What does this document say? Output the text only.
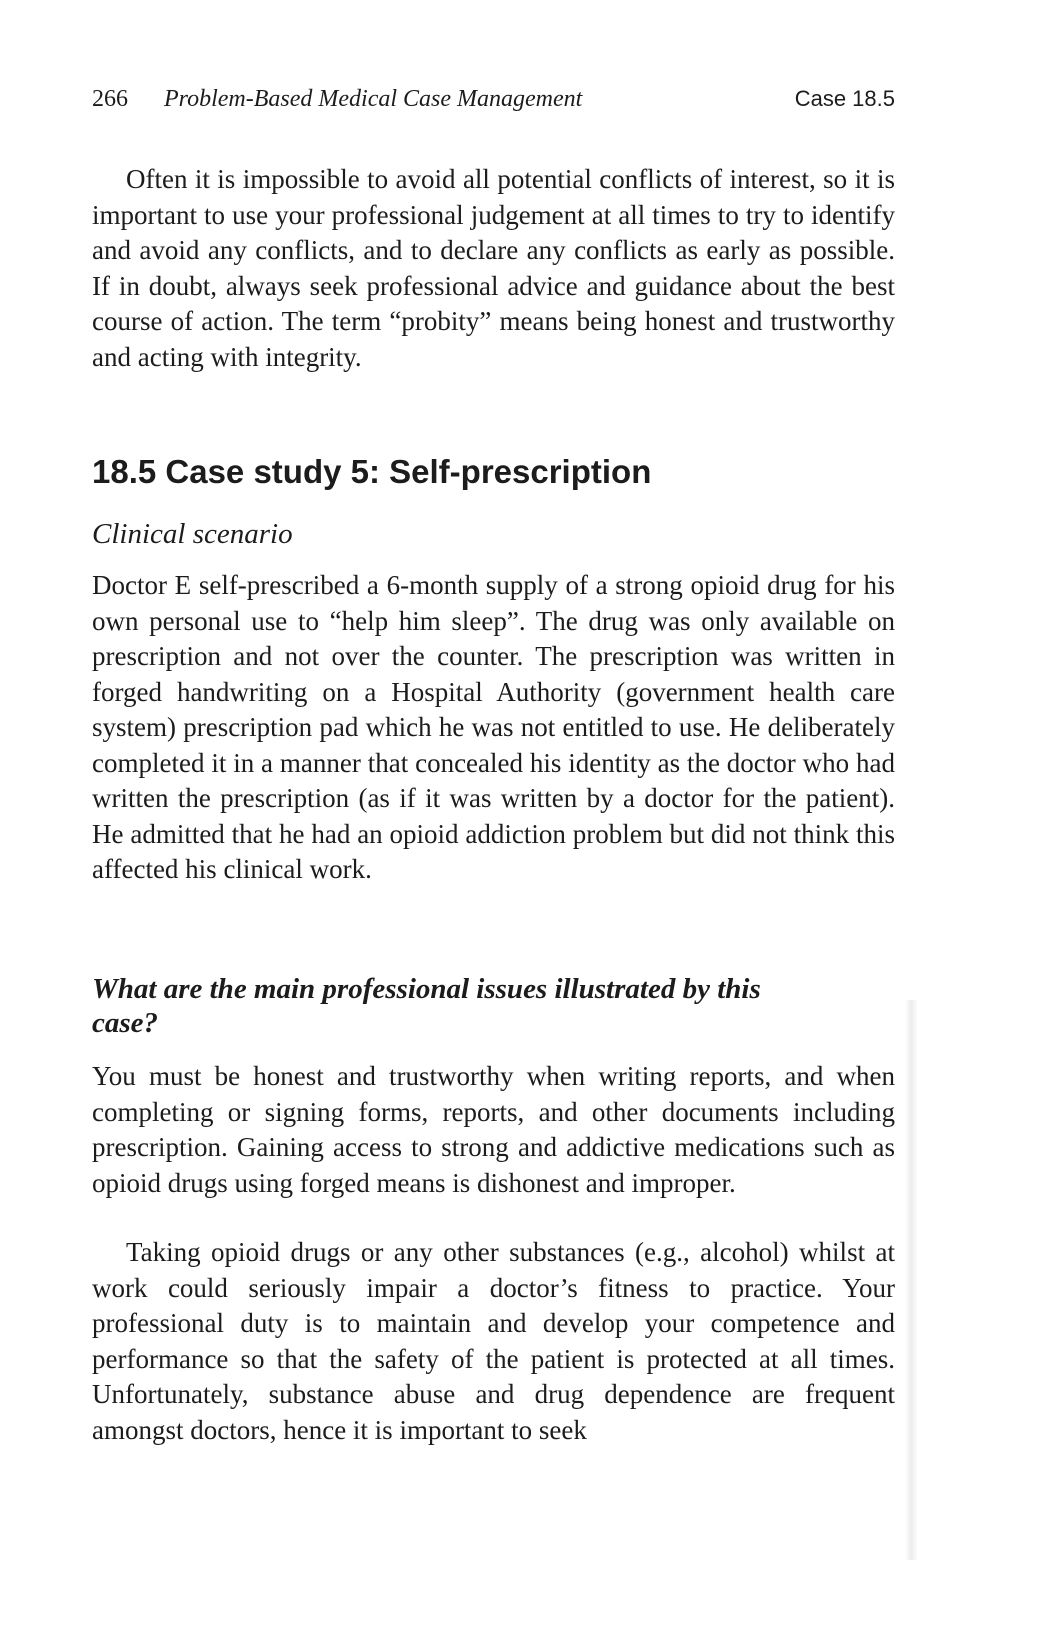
266 Problem-Based Medical Case Management	Case 18.5

Often it is impossible to avoid all potential conflicts of interest, so it is important to use your professional judgement at all times to try to identify and avoid any conflicts, and to declare any conflicts as early as possible. If in doubt, always seek professional advice and guidance about the best course of action. The term “probity” means being honest and trustworthy and acting with integrity.

18.5 Case study 5: Self-prescription
Clinical scenario

Doctor E self-prescribed a 6-month supply of a strong opioid drug for his own personal use to “help him sleep”. The drug was only available on prescription and not over the counter. The prescription was written in forged handwriting on a Hospital Authority (government health care system) prescription pad which he was not entitled to use. He deliberately completed it in a manner that concealed his identity as the doctor who had written the prescription (as if it was written by a doctor for the patient). He admitted that he had an opioid addiction problem but did not think this affected his clinical work.

What are the main professional issues illustrated by this case?

You must be honest and trustworthy when writing reports, and when completing or signing forms, reports, and other documents including prescription. Gaining access to strong and addictive medications such as opioid drugs using forged means is dishonest and improper.

Taking opioid drugs or any other substances (e.g., alcohol) whilst at work could seriously impair a doctor’s fitness to practice. Your professional duty is to maintain and develop your competence and performance so that the safety of the patient is protected at all times. Unfortunately, substance abuse and drug dependence are frequent amongst doctors, hence it is important to seek
